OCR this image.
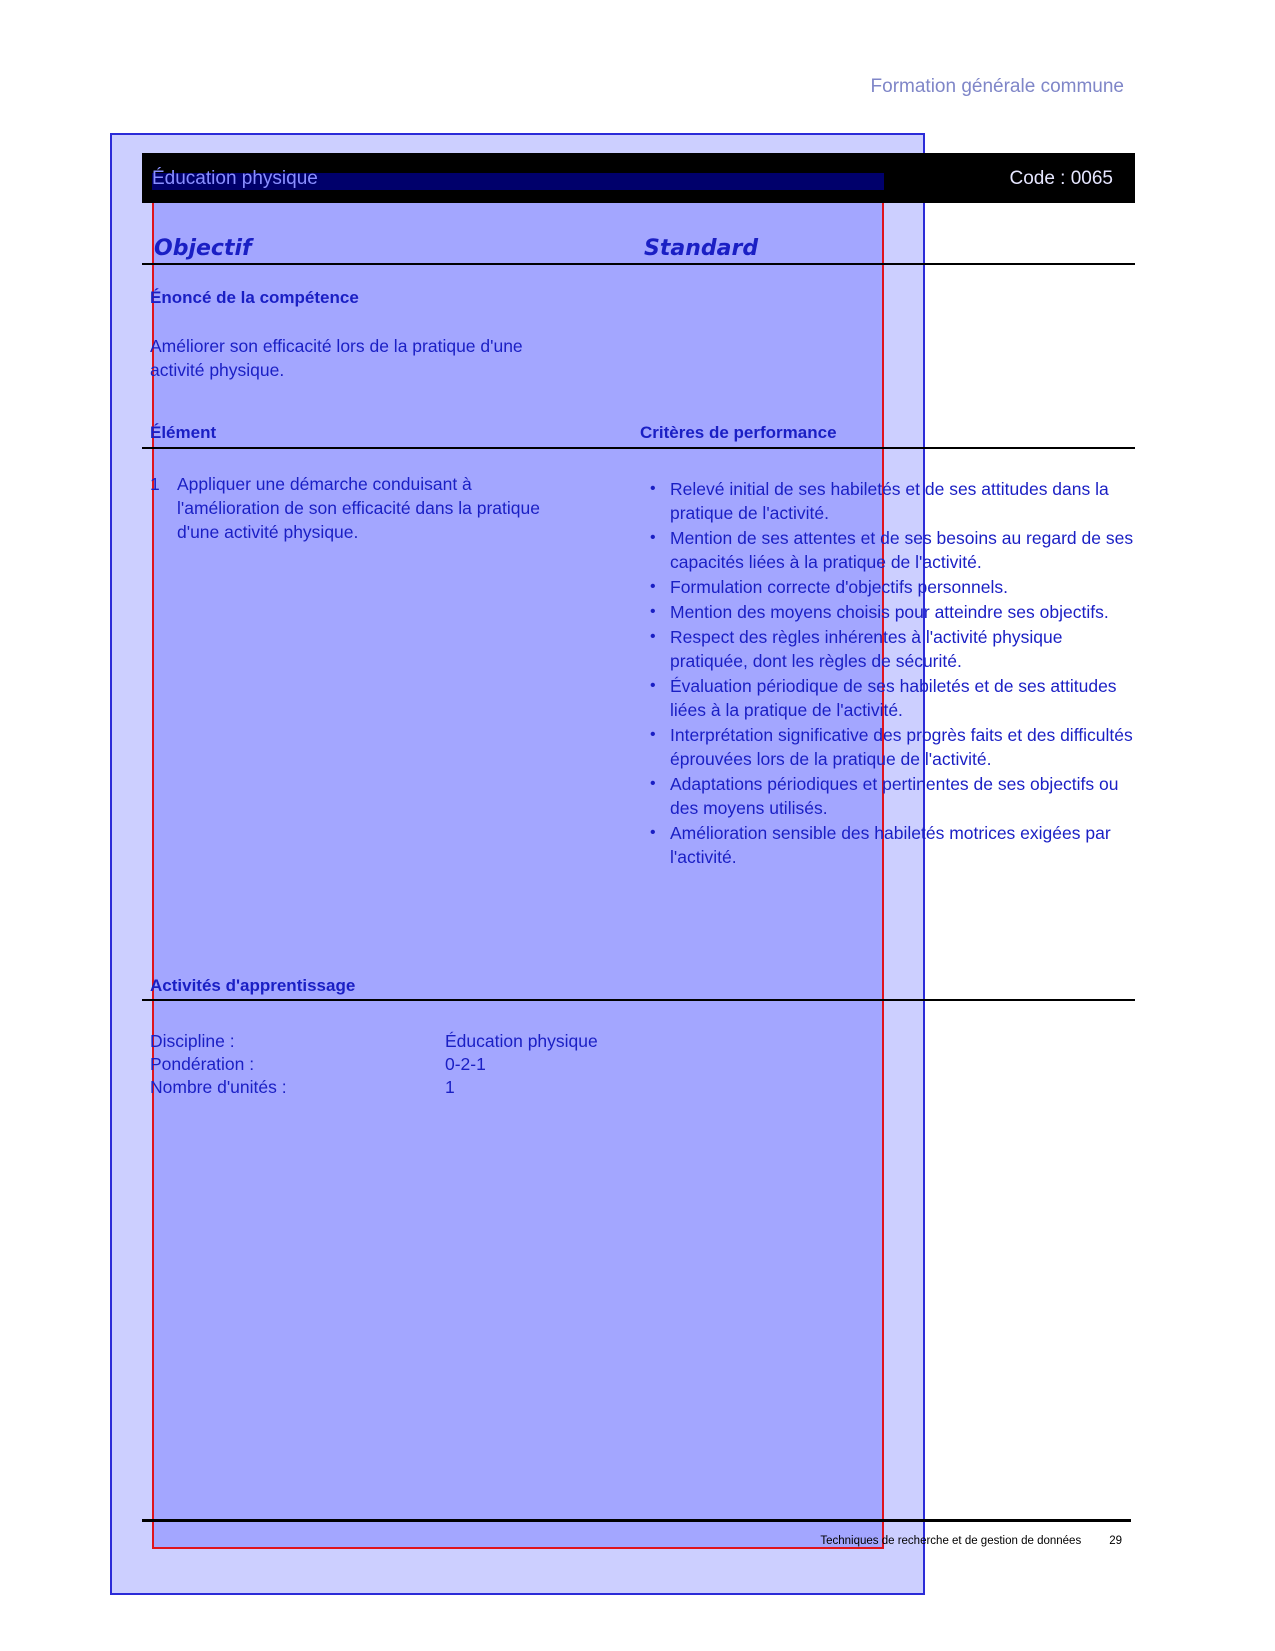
Formation générale commune
Éducation physique	Code : 0065
Objectif	Standard
Énoncé de la compétence
Améliorer son efficacité lors de la pratique d'une
activité physique.
Élément	Critères de performance
1 Appliquer une démarche conduisant à
l'amélioration de son efficacité dans la pratique
d'une activité physique.
• Relevé initial de ses habiletés et de ses attitudes dans la pratique de l'activité.
• Mention de ses attentes et de ses besoins au regard de ses capacités liées à la pratique de l'activité.
• Formulation correcte d'objectifs personnels.
• Mention des moyens choisis pour atteindre ses objectifs.
• Respect des règles inhérentes à l'activité physique pratiquée, dont les règles de sécurité.
• Évaluation périodique de ses habiletés et de ses attitudes liées à la pratique de l'activité.
• Interprétation significative des progrès faits et des difficultés éprouvées lors de la pratique de l'activité.
• Adaptations périodiques et pertinentes de ses objectifs ou des moyens utilisés.
• Amélioration sensible des habiletés motrices exigées par l'activité.
Activités d'apprentissage
Discipline :	Éducation physique
Pondération :	0-2-1
Nombre d'unités :	1
Techniques de recherche et de gestion de données 29
